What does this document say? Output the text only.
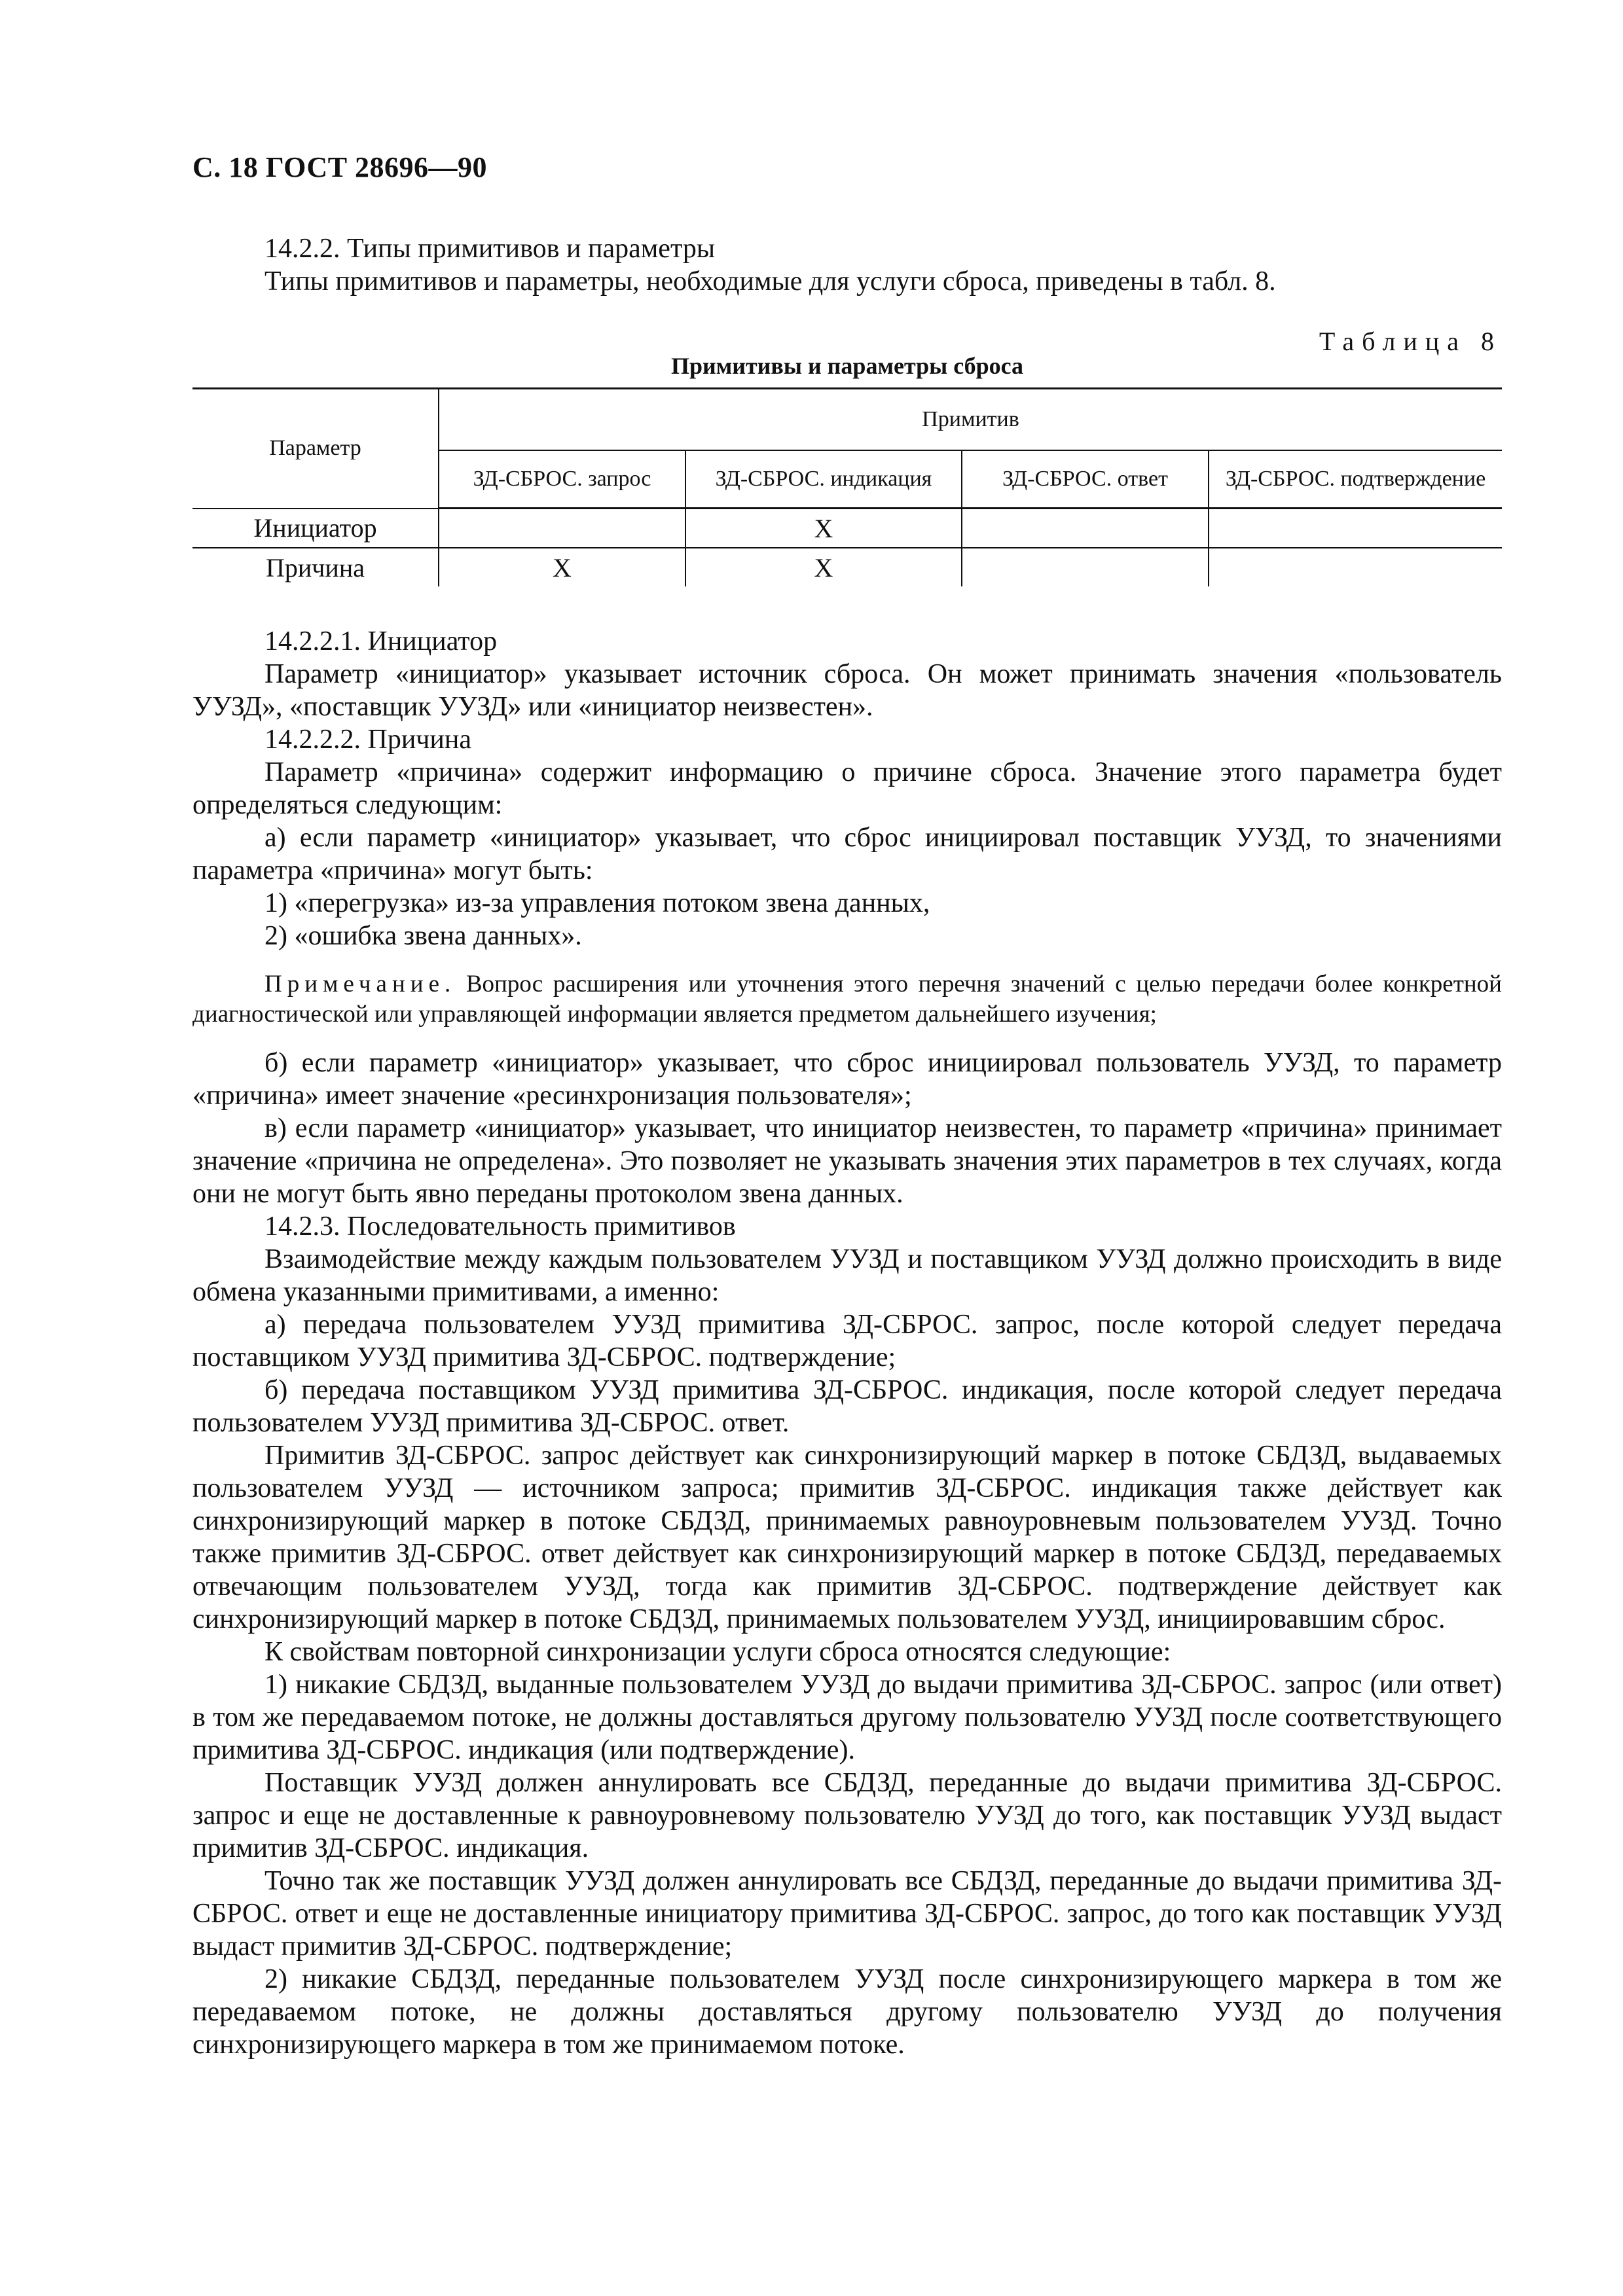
С. 18 ГОСТ 28696—90

14.2.2. Типы примитивов и параметры

Типы примитивов и параметры, необходимые для услуги сброса, приведены в табл. 8.

Таблица 8
Примитивы и параметры сброса
Параметр	Примитив			
	ЗД-СБРОС. запрос	ЗД-СБРОС. индикация	ЗД-СБРОС. ответ	ЗД-СБРОС. подтверждение
Инициатор		X		
Причина	X	X		

14.2.2.1. Инициатор

Параметр «инициатор» указывает источник сброса. Он может принимать значения «пользователь УУЗД», «поставщик УУЗД» или «инициатор неизвестен».

14.2.2.2. Причина

Параметр «причина» содержит информацию о причине сброса. Значение этого параметра будет определяться следующим:

а) если параметр «инициатор» указывает, что сброс инициировал поставщик УУЗД, то значениями параметра «причина» могут быть:

1) «перегрузка» из-за управления потоком звена данных,

2) «ошибка звена данных».

Примечание. Вопрос расширения или уточнения этого перечня значений с целью передачи более конкретной диагностической или управляющей информации является предметом дальнейшего изучения;

б) если параметр «инициатор» указывает, что сброс инициировал пользователь УУЗД, то параметр «причина» имеет значение «ресинхронизация пользователя»;

в) если параметр «инициатор» указывает, что инициатор неизвестен, то параметр «причина» принимает значение «причина не определена». Это позволяет не указывать значения этих параметров в тех случаях, когда они не могут быть явно переданы протоколом звена данных.

14.2.3. Последовательность примитивов

Взаимодействие между каждым пользователем УУЗД и поставщиком УУЗД должно происходить в виде обмена указанными примитивами, а именно:

а) передача пользователем УУЗД примитива ЗД-СБРОС. запрос, после которой следует передача поставщиком УУЗД примитива ЗД-СБРОС. подтверждение;

б) передача поставщиком УУЗД примитива ЗД-СБРОС. индикация, после которой следует передача пользователем УУЗД примитива ЗД-СБРОС. ответ.

Примитив ЗД-СБРОС. запрос действует как синхронизирующий маркер в потоке СБДЗД, выдаваемых пользователем УУЗД — источником запроса; примитив ЗД-СБРОС. индикация также действует как синхронизирующий маркер в потоке СБДЗД, принимаемых равноуровневым пользователем УУЗД. Точно также примитив ЗД-СБРОС. ответ действует как синхронизирующий маркер в потоке СБДЗД, передаваемых отвечающим пользователем УУЗД, тогда как примитив ЗД-СБРОС. подтверждение действует как синхронизирующий маркер в потоке СБДЗД, принимаемых пользователем УУЗД, инициировавшим сброс.

К свойствам повторной синхронизации услуги сброса относятся следующие:

1) никакие СБДЗД, выданные пользователем УУЗД до выдачи примитива ЗД-СБРОС. запрос (или ответ) в том же передаваемом потоке, не должны доставляться другому пользователю УУЗД после соответствующего примитива ЗД-СБРОС. индикация (или подтверждение).

Поставщик УУЗД должен аннулировать все СБДЗД, переданные до выдачи примитива ЗД-СБРОС. запрос и еще не доставленные к равноуровневому пользователю УУЗД до того, как поставщик УУЗД выдаст примитив ЗД-СБРОС. индикация.

Точно так же поставщик УУЗД должен аннулировать все СБДЗД, переданные до выдачи примитива ЗД-СБРОС. ответ и еще не доставленные инициатору примитива ЗД-СБРОС. запрос, до того как поставщик УУЗД выдаст примитив ЗД-СБРОС. подтверждение;

2) никакие СБДЗД, переданные пользователем УУЗД после синхронизирующего маркера в том же передаваемом потоке, не должны доставляться другому пользователю УУЗД до получения синхронизирующего маркера в том же принимаемом потоке.
